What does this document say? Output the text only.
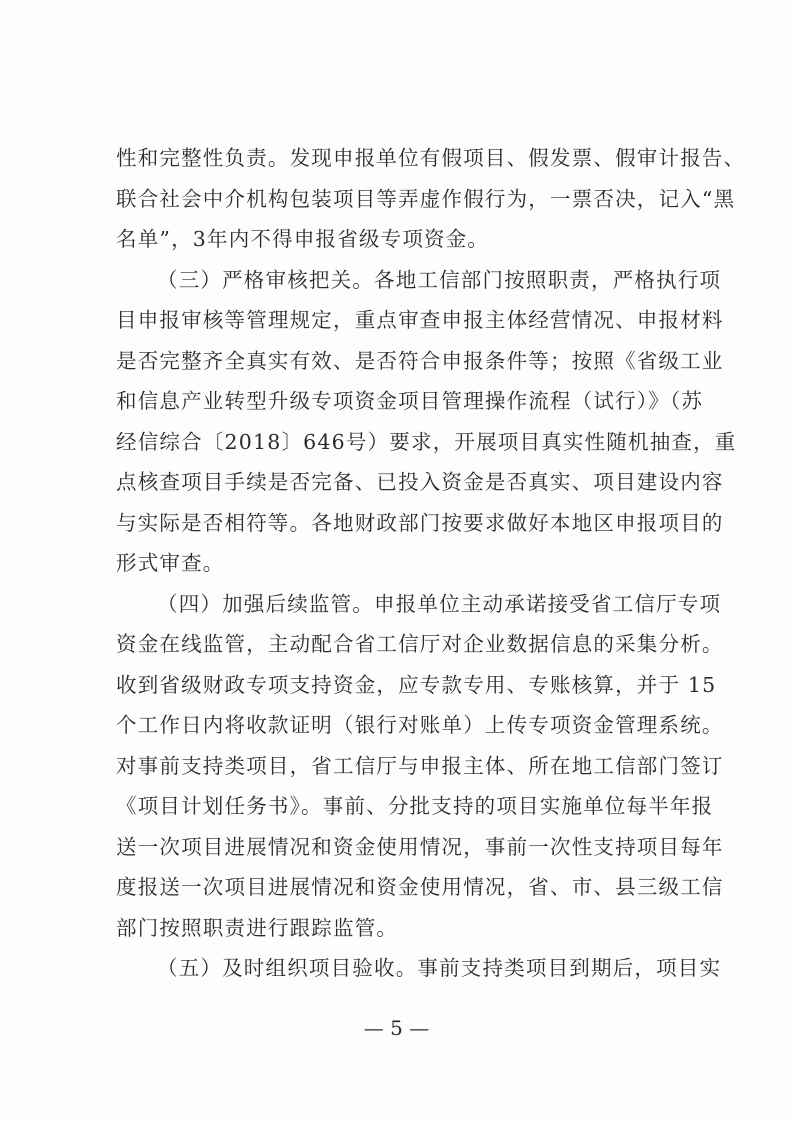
性和完整性负责。发现申报单位有假项目、假发票、假审计报告、
联合社会中介机构包装项目等弄虚作假行为，一票否决，记入“黑
名单”，3年内不得申报省级专项资金。
（三）严格审核把关。各地工信部门按照职责，严格执行项
目申报审核等管理规定，重点审查申报主体经营情况、申报材料
是否完整齐全真实有效、是否符合申报条件等；按照《省级工业
和信息产业转型升级专项资金项目管理操作流程（试行）》（苏
经信综合〔2018〕646号）要求，开展项目真实性随机抽查，重
点核查项目手续是否完备、已投入资金是否真实、项目建设内容
与实际是否相符等。各地财政部门按要求做好本地区申报项目的
形式审查。
（四）加强后续监管。申报单位主动承诺接受省工信厅专项
资金在线监管，主动配合省工信厅对企业数据信息的采集分析。
收到省级财政专项支持资金，应专款专用、专账核算，并于 15
个工作日内将收款证明（银行对账单）上传专项资金管理系统。
对事前支持类项目，省工信厅与申报主体、所在地工信部门签订
《项目计划任务书》。事前、分批支持的项目实施单位每半年报
送一次项目进展情况和资金使用情况，事前一次性支持项目每年
度报送一次项目进展情况和资金使用情况，省、市、县三级工信
部门按照职责进行跟踪监管。
（五）及时组织项目验收。事前支持类项目到期后，项目实
— 5 —
